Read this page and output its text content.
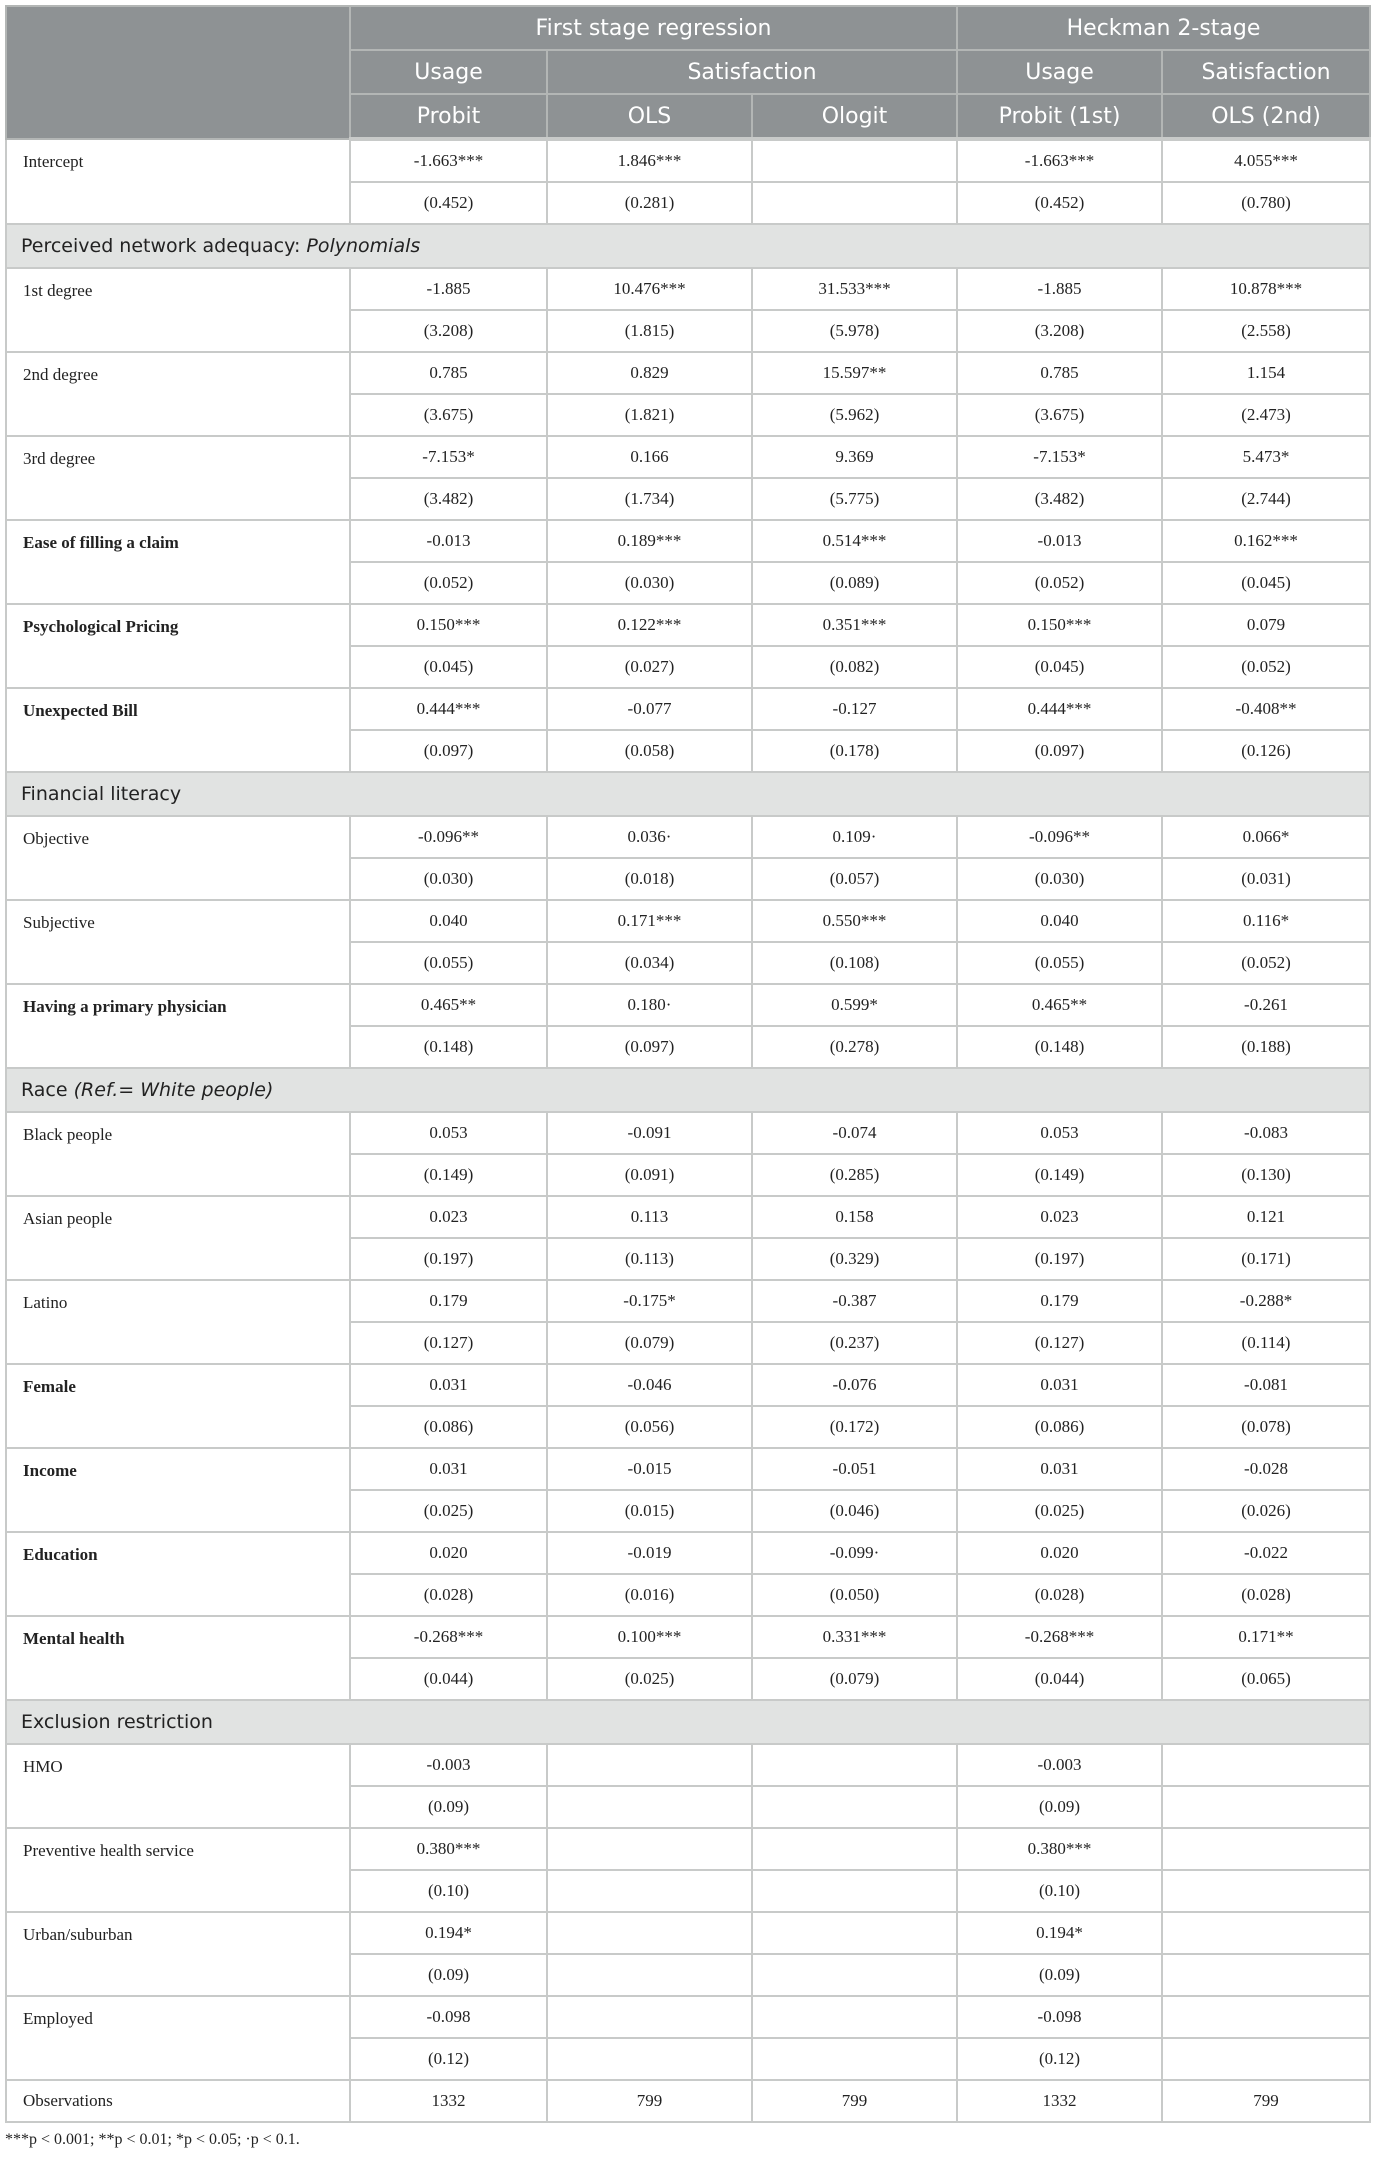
	First stage regression			Heckman 2-stage	
	Usage	Satisfaction		Usage	Satisfaction
	Probit	OLS	Ologit	Probit (1st)	OLS (2nd)
Intercept	-1.663***	1.846***		-1.663***	4.055***
	(0.452)	(0.281)		(0.452)	(0.780)
Perceived network adequacy: Polynomials					
1st degree	-1.885	10.476***	31.533***	-1.885	10.878***
	(3.208)	(1.815)	(5.978)	(3.208)	(2.558)
2nd degree	0.785	0.829	15.597**	0.785	1.154
	(3.675)	(1.821)	(5.962)	(3.675)	(2.473)
3rd degree	-7.153*	0.166	9.369	-7.153*	5.473*
	(3.482)	(1.734)	(5.775)	(3.482)	(2.744)
Ease of filling a claim	-0.013	0.189***	0.514***	-0.013	0.162***
	(0.052)	(0.030)	(0.089)	(0.052)	(0.045)
Psychological Pricing	0.150***	0.122***	0.351***	0.150***	0.079
	(0.045)	(0.027)	(0.082)	(0.045)	(0.052)
Unexpected Bill	0.444***	-0.077	-0.127	0.444***	-0.408**
	(0.097)	(0.058)	(0.178)	(0.097)	(0.126)
Financial literacy					
Objective	-0.096**	0.036·	0.109·	-0.096**	0.066*
	(0.030)	(0.018)	(0.057)	(0.030)	(0.031)
Subjective	0.040	0.171***	0.550***	0.040	0.116*
	(0.055)	(0.034)	(0.108)	(0.055)	(0.052)
Having a primary physician	0.465**	0.180·	0.599*	0.465**	-0.261
	(0.148)	(0.097)	(0.278)	(0.148)	(0.188)
Race (Ref.= White people)					
Black people	0.053	-0.091	-0.074	0.053	-0.083
	(0.149)	(0.091)	(0.285)	(0.149)	(0.130)
Asian people	0.023	0.113	0.158	0.023	0.121
	(0.197)	(0.113)	(0.329)	(0.197)	(0.171)
Latino	0.179	-0.175*	-0.387	0.179	-0.288*
	(0.127)	(0.079)	(0.237)	(0.127)	(0.114)
Female	0.031	-0.046	-0.076	0.031	-0.081
	(0.086)	(0.056)	(0.172)	(0.086)	(0.078)
Income	0.031	-0.015	-0.051	0.031	-0.028
	(0.025)	(0.015)	(0.046)	(0.025)	(0.026)
Education	0.020	-0.019	-0.099·	0.020	-0.022
	(0.028)	(0.016)	(0.050)	(0.028)	(0.028)
Mental health	-0.268***	0.100***	0.331***	-0.268***	0.171**
	(0.044)	(0.025)	(0.079)	(0.044)	(0.065)
Exclusion restriction					
HMO	-0.003			-0.003	
	(0.09)			(0.09)	
Preventive health service	0.380***			0.380***	
	(0.10)			(0.10)	
Urban/suburban	0.194*			0.194*	
	(0.09)			(0.09)	
Employed	-0.098			-0.098	
	(0.12)			(0.12)	
Observations	1332	799	799	1332	799
***p < 0.001; **p < 0.01; *p < 0.05; ·p < 0.1.
